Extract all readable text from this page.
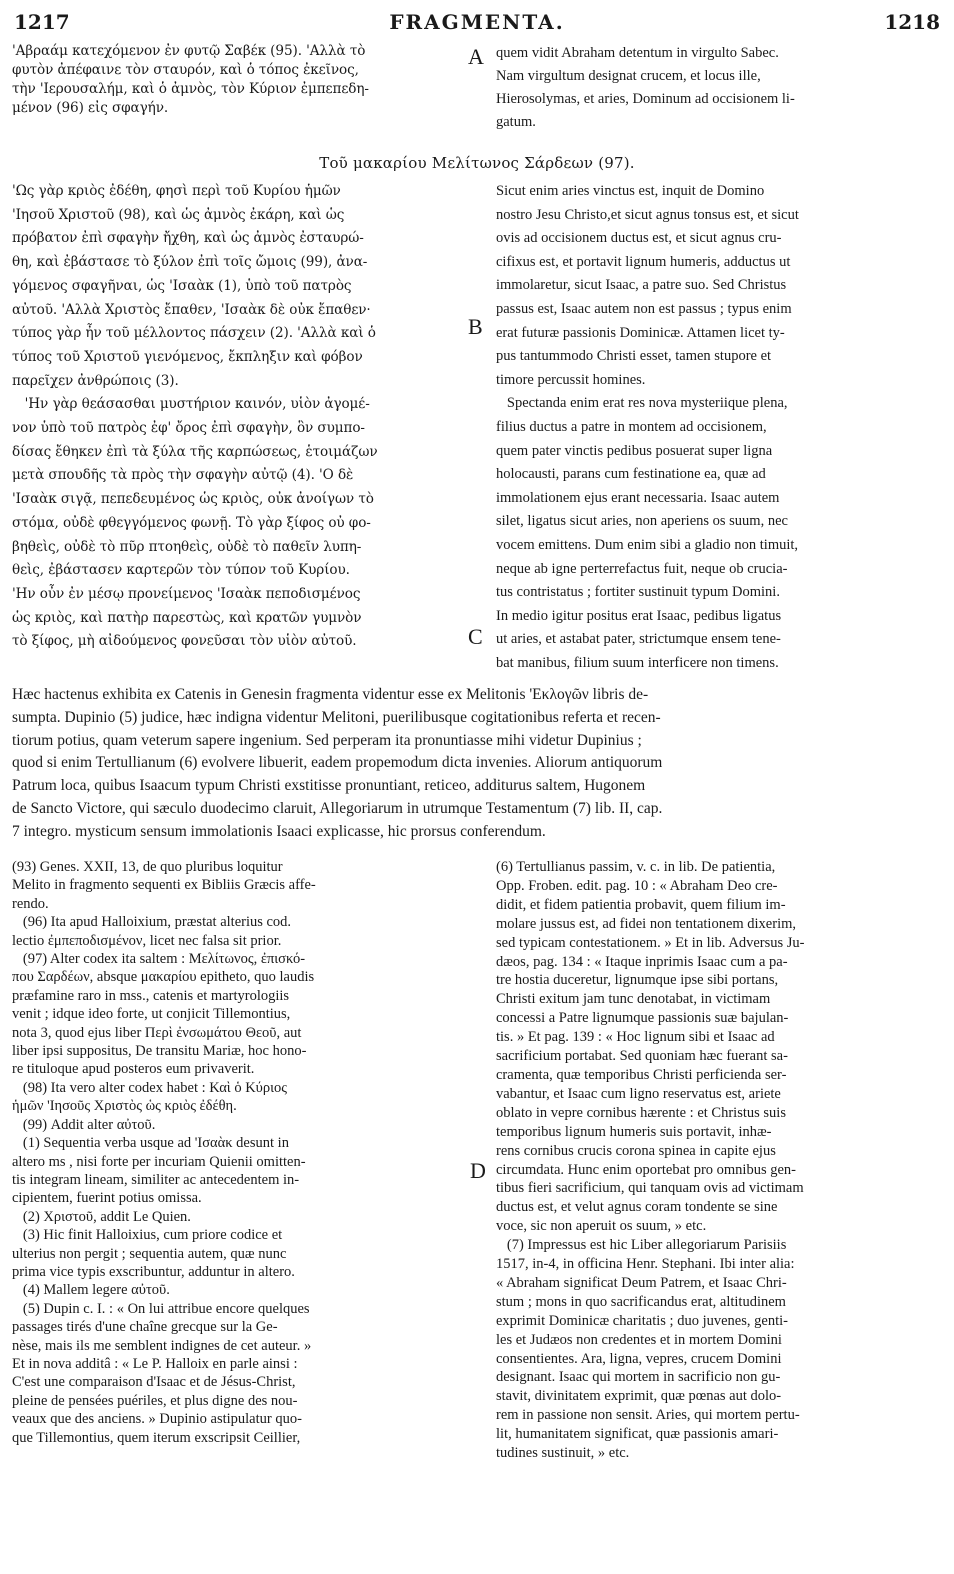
1217	FRAGMENTA.	1218
'Αβραάμ κατεχόμενον ἐν φυτῷ Σαβέκ (95). 'Αλλὰ τὸ
φυτὸν ἀπέφαινε τὸν σταυρόν, καὶ ὁ τόπος ἐκεῖνος,
τὴν 'Ιερουσαλήμ, καὶ ὁ ἀμνὸς, τὸν Κύριον ἐμπεπεδη-
μένον (96) εἰς σφαγήν.
A quem vidit Abraham detentum in virgulto Sabec.
Nam virgultum designat crucem, et locus ille,
Hierosolymas, et aries, Dominum ad occisionem li-
gatum.
Τοῦ μακαρίου Μελίτωνος Σάρδεων (97).
'Ως γὰρ κριὸς ἐδέθη, φησὶ περὶ τοῦ Κυρίου ἡμῶν
'Ιησοῦ Χριστοῦ (98), καὶ ὡς ἀμνὸς ἐκάρη, καὶ ὡς
πρόβατον ἐπὶ σφαγὴν ἤχθη, καὶ ὡς ἀμνὸς ἐσταυρώ-
θη, καὶ ἐβάστασε τὸ ξύλον ἐπὶ τοῖς ὤμοις (99), ἀνα-
γόμενος σφαγῆναι, ὡς 'Ισαὰκ (1), ὑπὸ τοῦ πατρὸς
αὐτοῦ. 'Αλλὰ Χριστὸς ἔπαθεν, 'Ισαὰκ δὲ οὐκ ἔπαθεν·
τύπος γὰρ ἦν τοῦ μέλλοντος πάσχειν (2). 'Αλλὰ καὶ ὁ
τύπος τοῦ Χριστοῦ γιενόμενος, ἔκπληξιν καὶ φόβον
παρεῖχεν ἀνθρώποις (3).
'Ην γὰρ θεάσασθαι μυστήριον καινόν, υἱὸν ἀγομέ-
νον ὑπὸ τοῦ πατρὸς ἐφ' ὄρος ἐπὶ σφαγὴν, ὃν συμπο-
δίσας ἔθηκεν ἐπὶ τὰ ξύλα τῆς καρπώσεως, ἑτοιμάζων
μετὰ σπουδῆς τὰ πρὸς τὴν σφαγὴν αὐτῷ (4). 'Ο δὲ
'Ισαὰκ σιγᾷ, πεπεδευμένος ὡς κριὸς, οὐκ ἀνοίγων τὸ
στόμα, οὐδὲ φθεγγόμενος φωνῇ. Τὸ γὰρ ξίφος οὐ φο-
βηθεὶς, οὐδὲ τὸ πῦρ πτοηθεὶς, οὐδὲ τὸ παθεῖν λυπη-
θεὶς, ἐβάστασεν καρτερῶν τὸν τύπον τοῦ Κυρίου.
'Ην οὖν ἐν μέσῳ προνείμενος 'Ισαὰκ πεποδισμένος
ὡς κριὸς, καὶ πατὴρ παρεστὼς, καὶ κρατῶν γυμνὸν
τὸ ξίφος, μὴ αἰδούμενος φονεῦσαι τὸν υἱὸν αὐτοῦ.
B
C
Sicut enim aries vinctus est, inquit de Domino
nostro Jesu Christo,et sicut agnus tonsus est, et sicut
ovis ad occisionem ductus est, et sicut agnus cru-
cifixus est, et portavit lignum humeris, adductus ut
immolaretur, sicut Isaac, a patre suo. Sed Christus
passus est, Isaac autem non est passus ; typus enim
erat futuræ passionis Dominicæ. Attamen licet ty-
pus tantummodo Christi esset, tamen stupore et
timore percussit homines.
Spectanda enim erat res nova mysteriique plena,
filius ductus a patre in montem ad occisionem,
quem pater vinctis pedibus posuerat super ligna
holocausti, parans cum festinatione ea, quæ ad
immolationem ejus erant necessaria. Isaac autem
silet, ligatus sicut aries, non aperiens os suum, nec
vocem emittens. Dum enim sibi a gladio non timuit,
neque ab igne perterrefactus fuit, neque ob crucia-
tus contristatus ; fortiter sustinuit typum Domini.
In medio igitur positus erat Isaac, pedibus ligatus
ut aries, et astabat pater, strictumque ensem tene-
bat manibus, filium suum interficere non timens.
Hæc hactenus exhibita ex Catenis in Genesin fragmenta videntur esse ex Melitonis 'Εκλογῶν libris de-
sumpta. Dupinio (5) judice, hæc indigna videntur Melitoni, puerilibusque cogitationibus referta et recen-
tiorum potius, quam veterum sapere ingenium. Sed perperam ita pronuntiasse mihi videtur Dupinius ;
quod si enim Tertullianum (6) evolvere libuerit, eadem propemodum dicta invenies. Aliorum antiquorum
Patrum loca, quibus Isaacum typum Christi exstitisse pronuntiant, reticeo, additurus saltem, Hugonem
de Sancto Victore, qui sæculo duodecimo claruit, Allegoriarum in utrumque Testamentum (7) lib. II, cap.
7 integro. mysticum sensum immolationis Isaaci explicasse, hic prorsus conferendum.
(93) Genes. XXII, 13, de quo pluribus loquitur
Melito in fragmento sequenti ex Bibliis Græcis affe-
rendo.
(96) Ita apud Halloixium, præstat alterius cod.
lectio ἐμπεποδισμένον, licet nec falsa sit prior.
(97) Alter codex ita saltem : Μελίτωνος, ἐπισκό-
που Σαρδέων, absque μακαρίου epitheto, quo laudis
præfamine raro in mss., catenis et martyrologiis
venit ; idque ideo forte, ut conjicit Tillemontius,
nota 3, quod ejus liber Περὶ ἐνσωμάτου Θεοῦ, aut
liber ipsi suppositus, De transitu Mariæ, hoc hono-
re tituloque apud posteros eum privaverit.
(98) Ita vero alter codex habet : Καὶ ὁ Κύριος
ἡμῶν 'Ιησοῦς Χριστὸς ὡς κριὸς ἐδέθη.
(99) Addit alter αὐτοῦ.
(1) Sequentia verba usque ad 'Ισαὰκ desunt in
altero ms , nisi forte per incuriam Quienii omitten-
tis integram lineam, similiter ac antecedentem in-
cipientem, fuerint potius omissa.
(2) Χριστοῦ, addit Le Quien.
(3) Hic finit Halloixius, cum priore codice et
ulterius non pergit ; sequentia autem, quæ nunc
prima vice typis exscribuntur, adduntur in altero.
(4) Mallem legere αὐτοῦ.
(5) Dupin c. I. : « On lui attribue encore quelques
passages tirés d'une chaîne grecque sur la Ge-
nèse, mais ils me semblent indignes de cet auteur. »
Et in nova additâ : « Le P. Halloix en parle ainsi :
C'est une comparaison d'Isaac et de Jésus-Christ,
pleine de pensées puériles, et plus digne des nou-
veaux que des anciens. » Dupinio astipulatur quo-
que Tillemontius, quem iterum exscripsit Ceillier,
D
(6) Tertullianus passim, v. c. in lib. De patientia,
Opp. Froben. edit. pag. 10 : « Abraham Deo cre-
didit, et fidem patientia probavit, quem filium im-
molare jussus est, ad fidei non tentationem dixerim,
sed typicam contestationem. » Et in lib. Adversus Ju-
dæos, pag. 134 : « Itaque inprimis Isaac cum a pa-
tre hostia duceretur, lignumque ipse sibi portans,
Christi exitum jam tunc denotabat, in victimam
concessi a Patre lignumque passionis suæ bajulan-
tis. » Et pag. 139 : « Hoc lignum sibi et Isaac ad
sacrificium portabat. Sed quoniam hæc fuerant sa-
cramenta, quæ temporibus Christi perficienda ser-
vabantur, et Isaac cum ligno reservatus est, ariete
oblato in vepre cornibus hærente : et Christus suis
temporibus lignum humeris suis portavit, inhæ-
rens cornibus crucis corona spinea in capite ejus
circumdata. Hunc enim oportebat pro omnibus gen-
tibus fieri sacrificium, qui tanquam ovis ad victimam
ductus est, et velut agnus coram tondente se sine
voce, sic non aperuit os suum, » etc.
(7) Impressus est hic Liber allegoriarum Parisiis
1517, in-4, in officina Henr. Stephani. Ibi inter alia:
« Abraham significat Deum Patrem, et Isaac Chri-
stum ; mons in quo sacrificandus erat, altitudinem
exprimit Dominicæ charitatis ; duo juvenes, genti-
les et Judæos non credentes et in mortem Domini
consentientes. Ara, ligna, vepres, crucem Domini
designant. Isaac qui mortem in sacrificio non gu-
stavit, divinitatem exprimit, quæ pœnas aut dolo-
rem in passione non sensit. Aries, qui mortem pertu-
lit, humanitatem significat, quæ passionis amari-
tudines sustinuit, » etc.
